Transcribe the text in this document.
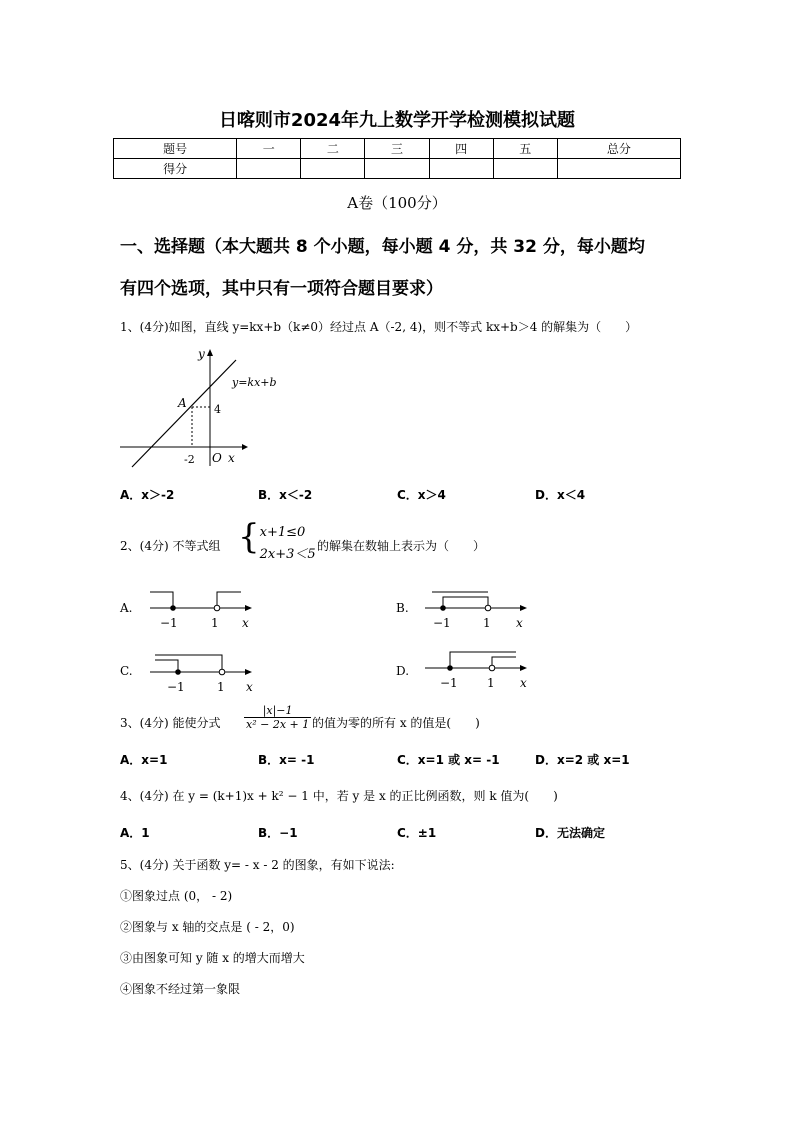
日喀则市2024年九上数学开学检测模拟试题
题号	一	二	三	四	五	总分
得分						
A卷（100分）
一、选择题（本大题共 8 个小题，每小题 4 分，共 32 分，每小题均
有四个选项，其中只有一项符合题目要求）
1、(4分)如图，直线 y=kx+b（k≠0）经过点 A（-2, 4)，则不等式 kx+b＞4 的解集为（　　）
y
x
O
A
y=kx+b
4
-2
A．x＞-2	B．x＜-2	C．x＞4	D．x＜4
2、(4分) 不等式组 { x+1≤0
2x+3＜5
的解集在数轴上表示为（　　）
A.
−1	1 x
B.
−1	1 x
C.
−1	1 x
D.
−1 1 x
3、(4分) 能使分式 $\frac{|x|-1}{\text{x² − 2x + 1}}$ 的值为零的所有 x 的值是(　　)
A．x=1	B．x= -1	C．x=1 或 x= -1	D．x=2 或 x=1
4、(4分) 在 y = (k+1)x + k² − 1 中，若 y 是 x 的正比例函数，则 k 值为(　　)
A．1	B．−1	C．±1	D．无法确定
5、(4分) 关于函数 y= - x - 2 的图象，有如下说法:
①图象过点 (0， - 2)
②图象与 x 轴的交点是 ( - 2，0)
③由图象可知 y 随 x 的增大而增大
④图象不经过第一象限
